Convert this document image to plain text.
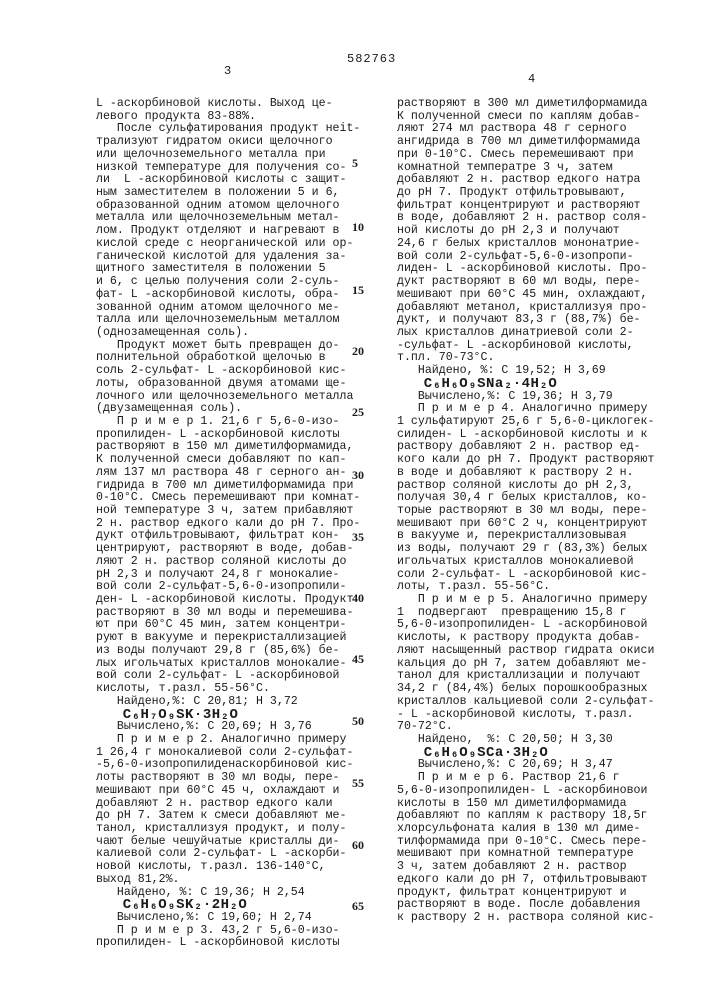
3
582763
4
L -аскорбиновой кислоты. Выход це-
левого продукта 83-88%.
После сульфатирования продукт неit-
трализуют гидратом окиси щелочного
или щелочноземельного металла при
низкой температуре для получения со-
ли  L -аскорбиновой кислоты с защит-
ным заместителем в положении 5 и 6,
образованной одним атомом щелочного
металла или щелочноземельным метал-
лом. Продукт отделяют и нагревают в
кислой среде с неорганической или ор-
ганической кислотой для удаления за-
щитного заместителя в положении 5
и 6, с целью получения соли 2-суль-
фат- L -аскорбиновой кислоты, обра-
зованной одним атомом щелочного ме-
талла или щелочноземельным металлом
(однозамещенная соль).
Продукт может быть превращен до-
полнительной обработкой щелочью в
соль 2-сульфат- L -аскорбиновой кис-
лоты, образованной двумя атомами ще-
лочного или щелочноземельного металла
(двузамещенная соль).
П р и м е р 1. 21,6 г 5,6-0-изо-
пропилиден- L -аскорбиновой кислоты
растворяют в 150 мл диметилформамида,
К полученной смеси добавляют по кап-
лям 137 мл раствора 48 г серного ан-
гидрида в 700 мл диметилформамида при
0-10°С. Смесь перемешивают при комнат-
ной температуре 3 ч, затем прибавляют
2 н. раствор едкого кали до рН 7. Про-
дукт отфильтровывают, фильтрат кон-
центрируют, растворяют в воде, добав-
ляют 2 н. раствор соляной кислоты до
рН 2,3 и получают 24,8 г монокалие-
вой соли 2-сульфат-5,6-0-изопропили-
ден- L -аскорбиновой кислоты. Продукт
растворяют в 30 мл воды и перемешива-
ют при 60°С 45 мин, затем концентри-
руют в вакууме и перекристаллизацией
из воды получают 29,8 г (85,6%) бе-
лых игольчатых кристаллов монокалие-
вой соли 2-сульфат- L -аскорбиновой
кислоты, т.разл. 55-56°С.
Найдено,%: С 20,81; Н 3,72
C₆H₇O₉SK·3H₂O
Вычислено,%: С 20,69; Н 3,76
П р и м е р 2. Аналогично примеру
1 26,4 г монокалиевой соли 2-сульфат-
-5,6-0-изопропилиденаскорбиновой кис-
лоты растворяют в 30 мл воды, пере-
мешивают при 60°С 45 ч, охлаждают и
добавляют 2 н. раствор едкого кали
до рН 7. Затем к смеси добавляют ме-
танол, кристаллизуя продукт, и полу-
чают белые чешуйчатые кристаллы ди-
калиевой соли 2-сульфат- L -аскорби-
новой кислоты, т.разл. 136-140°С,
выход 81,2%.
Найдено, %: С 19,36; Н 2,54
C₆H₆O₉SK₂·2H₂O
Вычислено,%: С 19,60; Н 2,74
П р и м е р 3. 43,2 г 5,6-0-изо-
пропилиден- L -аскорбиновой кислоты
растворяют в 300 мл диметилформамида
К полученной смеси по каплям добав-
ляют 274 мл раствора 48 г серного
ангидрида в 700 мл диметилформамида
при 0-10°С. Смесь перемешивают при
комнатной температре 3 ч, затем
добавляют 2 н. раствор едкого натра
до рН 7. Продукт отфильтровывают,
фильтрат концентрируют и растворяют
в воде, добавляют 2 н. раствор соля-
ной кислоты до рН 2,3 и получают
24,6 г белых кристаллов мононатрие-
вой соли 2-сульфат-5,6-0-изопропи-
лиден- L -аскорбиновой кислоты. Про-
дукт растворяют в 60 мл воды, пере-
мешивают при 60°С 45 мин, охлаждают,
добавляют метанол, кристаллизуя про-
дукт, и получают 83,3 г (88,7%) бе-
лых кристаллов динатриевой соли 2-
-сульфат- L -аскорбиновой кислоты,
т.пл. 70-73°С.
Найдено, %: С 19,52; Н 3,69
C₆H₆O₉SNa₂·4H₂O
Вычислено,%: С 19,36; Н 3,79
П р и м е р 4. Аналогично примеру
1 сульфатируют 25,6 г 5,6-0-циклогек-
силиден- L -аскорбиновой кислоты и к
раствору добавляют 2 н. раствор ед-
кого кали до рН 7. Продукт растворяют
в воде и добавляют к раствору 2 н.
раствор соляной кислоты до рН 2,3,
получая 30,4 г белых кристаллов, ко-
торые растворяют в 30 мл воды, пере-
мешивают при 60°С 2 ч, концентрируют
в вакууме и, перекристаллизовывая
из воды, получают 29 г (83,3%) белых
игольчатых кристаллов монокалиевой
соли 2-сульфат- L -аскорбиновой кис-
лоты, т.разл. 55-56°С.
П р и м е р 5. Аналогично примеру
1  подвергают  превращению 15,8 г
5,6-0-изопропилиден- L -аскорбиновой
кислоты, к раствору продукта добав-
ляют насыщенный раствор гидрата окиси
кальция до рН 7, затем добавляют ме-
танол для кристаллизации и получают
34,2 г (84,4%) белых порошкообразных
кристаллов кальциевой соли 2-сульфат-
- L -аскорбиновой кислоты, т.разл.
70-72°С.
Найдено,  %: С 20,50; Н 3,30
C₆H₆O₉SCa·3H₂O
Вычислено,%: С 20,69; Н 3,47
П р и м е р 6. Раствор 21,6 г
5,6-0-изопропилиден- L -аскорбиновои
кислоты в 150 мл диметилформамида
добавляют по каплям к раствору 18,5г
хлорсульфоната калия в 130 мл диме-
тилформамида при 0-10°С. Смесь пере-
мешивают при комнатной температуре
3 ч, затем добавляют 2 н. раствор
едкого кали до рН 7, отфильтровывают
продукт, фильтрат концентрируют и
растворяют в воде. После добавления
к раствору 2 н. раствора соляной кис-
5
10
15
20
25
30
35
40
45
50
55
60
65
